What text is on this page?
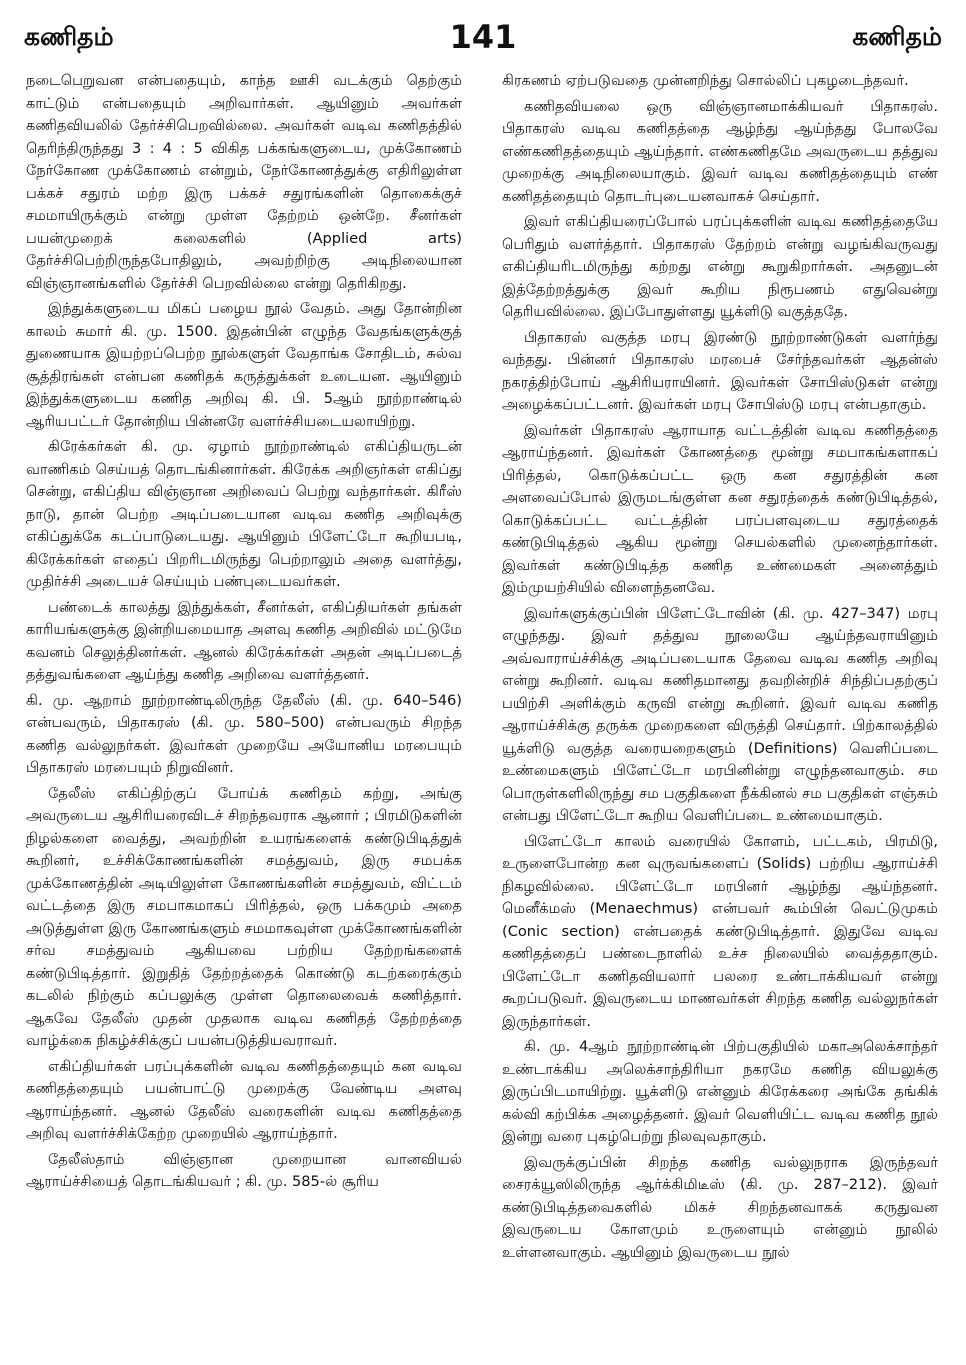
கணிதம்	141	கணிதம்

நடைபெறுவன என்பதையும், காந்த ஊசி வடக்கும் தெற்கும் காட்டும் என்பதையும் அறிவார்கள். ஆயினும் அவர்கள் கணிதவியலில் தேர்ச்சிபெறவில்லை. அவர்கள் வடிவ கணிதத்தில் தெரிந்திருந்தது 3 : 4 : 5 விகித பக்கங்களுடைய, முக்கோணம் நேர்கோண முக்கோணம் என்றும், நேர்கோணத்துக்கு எதிரிலுள்ள பக்கச் சதுரம் மற்ற இரு பக்கச் சதுரங்களின் தொகைக்குச் சமமாயிருக்கும் என்று முள்ள தேற்றம் ஒன்றே. சீனர்கள் பயன்முறைக் கலைகளில் (Applied arts) தேர்ச்சிபெற்றிருந்தபோதிலும், அவற்றிற்கு அடிநிலையான விஞ்ஞானங்களில் தேர்ச்சி பெறவில்லை என்று தெரிகிறது.

இந்துக்களுடைய மிகப் பழைய நூல் வேதம். அது தோன்றின காலம் சுமார் கி. மு. 1500. இதன்பின் எழுந்த வேதங்களுக்குத் துணையாக இயற்றப்பெற்ற நூல்களுள் வேதாங்க சோதிடம், சுல்வ சூத்திரங்கள் என்பன கணிதக் கருத்துக்கள் உடையன. ஆயினும் இந்துக்களுடைய கணித அறிவு கி. பி. 5ஆம் நூற்றாண்டில் ஆரியபட்டர் தோன்றிய பின்னரே வளர்ச்சியடையலாயிற்று.

கிரேக்கர்கள் கி. மு. ஏழாம் நூற்றாண்டில் எகிப்தியருடன் வாணிகம் செய்யத் தொடங்கினார்கள். கிரேக்க அறிஞர்கள் எகிப்து சென்று, எகிப்திய விஞ்ஞான அறிவைப் பெற்று வந்தார்கள். கிரீஸ் நாடு, தான் பெற்ற அடிப்படையான வடிவ கணித அறிவுக்கு எகிப்துக்கே கடப்பாடுடையது. ஆயினும் பிளேட்டோ கூறியபடி, கிரேக்கர்கள் எதைப் பிறரிடமிருந்து பெற்றாலும் அதை வளர்த்து, முதிர்ச்சி அடையச் செய்யும் பண்புடையவர்கள்.

பண்டைக் காலத்து இந்துக்கள், சீனர்கள், எகிப்தியர்கள் தங்கள் காரியங்களுக்கு இன்றியமையாத அளவு கணித அறிவில் மட்டுமே கவனம் செலுத்தினர்கள். ஆனல் கிரேக்கர்கள் அதன் அடிப்படைத் தத்துவங்களை ஆய்ந்து கணித அறிவை வளர்த்தனர்.

கி. மு. ஆறாம் நூற்றாண்டிலிருந்த தேலீஸ் (கி. மு. 640–546) என்பவரும், பிதாகரஸ் (கி. மு. 580–500) என்பவரும் சிறந்த கணித வல்லுநர்கள். இவர்கள் முறையே அயோனிய மரபையும் பிதாகரஸ் மரபையும் நிறுவினர்.

தேலீஸ் எகிப்திற்குப் போய்க் கணிதம் கற்று, அங்கு அவருடைய ஆசிரியரைவிடச் சிறந்தவராக ஆனார் ; பிரமிடுகளின் நிழல்களை வைத்து, அவற்றின் உயரங்களைக் கண்டுபிடித்துக் கூறினர், உச்சிக்கோணங்களின் சமத்துவம், இரு சமபக்க முக்கோணத்தின் அடியிலுள்ள கோணங்களின் சமத்துவம், விட்டம் வட்டத்தை இரு சமபாகமாகப் பிரித்தல், ஒரு பக்கமும் அதை அடுத்துள்ள இரு கோணங்களும் சமமாகவுள்ள முக்கோணங்களின் சர்வ சமத்துவம் ஆகியவை பற்றிய தேற்றங்களைக் கண்டுபிடித்தார். இறுதித் தேற்றத்தைக் கொண்டு கடற்கரைக்கும் கடலில் நிற்கும் கப்பலுக்கு முள்ள தொலைவைக் கணித்தார். ஆகவே தேலீஸ் முதன் முதலாக வடிவ கணிதத் தேற்றத்தை வாழ்க்கை நிகழ்ச்சிக்குப் பயன்படுத்தியவராவர்.

எகிப்தியர்கள் பரப்புக்களின் வடிவ கணிதத்தையும் கன வடிவ கணிதத்தையும் பயன்பாட்டு முறைக்கு வேண்டிய அளவு ஆராய்ந்தனர். ஆனல் தேலீஸ் வரைகளின் வடிவ கணிதத்தை அறிவு வளர்ச்சிக்கேற்ற முறையில் ஆராய்ந்தார்.

தேலீஸ்தாம் விஞ்ஞான முறையான வானவியல் ஆராய்ச்சியைத் தொடங்கியவர் ; கி. மு. 585-ல் சூரிய

கிரகணம் ஏற்படுவதை முன்னறிந்து சொல்லிப் புகழடைந்தவர்.

கணிதவியலை ஒரு விஞ்ஞானமாக்கியவர் பிதாகரஸ். பிதாகரஸ் வடிவ கணிதத்தை ஆழ்ந்து ஆய்ந்தது போலவே எண்கணிதத்தையும் ஆய்ந்தார். எண்கணிதமே அவருடைய தத்துவ முறைக்கு அடிநிலையாகும். இவர் வடிவ கணிதத்தையும் எண் கணிதத்தையும் தொடர்புடையனவாகச் செய்தார்.

இவர் எகிப்தியரைப்போல் பரப்புக்களின் வடிவ கணிதத்தையே பெரிதும் வளர்த்தார். பிதாகரஸ் தேற்றம் என்று வழங்கிவருவது எகிப்தியரிடமிருந்து கற்றது என்று கூறுகிறார்கள். அதனுடன் இத்தேற்றத்துக்கு இவர் கூறிய நிரூபணம் எதுவென்று தெரியவில்லை. இப்போதுள்ளது யூக்ளிடு வகுத்ததே.

பிதாகரஸ் வகுத்த மரபு இரண்டு நூற்றாண்டுகள் வளர்ந்து வந்தது. பின்னர் பிதாகரஸ் மரபைச் சேர்ந்தவர்கள் ஆதன்ஸ் நகரத்திற்போய் ஆசிரியராயினர். இவர்கள் சோபிஸ்டுகள் என்று அழைக்கப்பட்டனர். இவர்கள் மரபு சோபிஸ்டு மரபு என்பதாகும்.

இவர்கள் பிதாகரஸ் ஆராயாத வட்டத்தின் வடிவ கணிதத்தை ஆராய்ந்தனர். இவர்கள் கோணத்தை மூன்று சமபாகங்களாகப் பிரித்தல், கொடுக்கப்பட்ட ஒரு கன சதுரத்தின் கன அளவைப்போல் இருமடங்குள்ள கன சதுரத்தைக் கண்டுபிடித்தல், கொடுக்கப்பட்ட வட்டத்தின் பரப்பளவுடைய சதுரத்தைக் கண்டுபிடித்தல் ஆகிய மூன்று செயல்களில் முனைந்தார்கள். இவர்கள் கண்டுபிடித்த கணித உண்மைகள் அனைத்தும் இம்முயற்சியில் விளைந்தனவே.

இவர்களுக்குப்பின் பிளேட்டோவின் (கி. மு. 427–347) மரபு எழுந்தது. இவர் தத்துவ நூலையே ஆய்ந்தவராயினும் அவ்வாராய்ச்சிக்கு அடிப்படையாக தேவை வடிவ கணித அறிவு என்று கூறினர். வடிவ கணிதமானது தவறின்றிச் சிந்திப்பதற்குப் பயிற்சி அளிக்கும் கருவி என்று கூறினர். இவர் வடிவ கணித ஆராய்ச்சிக்கு தருக்க முறைகளை விருத்தி செய்தார். பிற்காலத்தில் யூக்ளிடு வகுத்த வரையறைகளும் (Definitions) வெளிப்படை உண்மைகளும் பிளேட்டோ மரபினின்று எழுந்தனவாகும். சம பொருள்களிலிருந்து சம பகுதிகளை நீக்கினல் சம பகுதிகள் எஞ்சும் என்பது பிளேட்டோ கூறிய வெளிப்படை உண்மையாகும்.

பிளேட்டோ காலம் வரையில் கோளம், பட்டகம், பிரமிடு, உருளைபோன்ற கன வுருவங்களைப் (Solids) பற்றிய ஆராய்ச்சி நிகழவில்லை. பிளேட்டோ மரபினர் ஆழ்ந்து ஆய்ந்தனர். மெனீக்மஸ் (Menaechmus) என்பவர் கூம்பின் வெட்டுமுகம் (Conic section) என்பதைக் கண்டுபிடித்தார். இதுவே வடிவ கணிதத்தைப் பண்டைநாளில் உச்ச நிலையில் வைத்ததாகும். பிளேட்டோ கணிதவியலார் பலரை உண்டாக்கியவர் என்று கூறப்படுவர். இவருடைய மாணவர்கள் சிறந்த கணித வல்லுநர்கள் இருந்தார்கள்.

கி. மு. 4ஆம் நூற்றாண்டின் பிற்பகுதியில் மகாஅலெக்சாந்தர் உண்டாக்கிய அலெக்சாந்திரியா நகரமே கணித வியலுக்கு இருப்பிடமாயிற்று. யூக்ளிடு என்னும் கிரேக்கரை அங்கே தங்கிக் கல்வி கற்பிக்க அழைத்தனர். இவர் வெளியிட்ட வடிவ கணித நூல் இன்று வரை புகழ்பெற்று நிலவுவதாகும்.

இவருக்குப்பின் சிறந்த கணித வல்லுநராக இருந்தவர் சைரக்யூஸிலிருந்த ஆர்க்கிமிடீஸ் (கி. மு. 287–212). இவர் கண்டுபிடித்தவைகளில் மிகச் சிறந்தனவாகக் கருதுவன இவருடைய கோளமும் உருளையும் என்னும் நூலில் உள்ளனவாகும். ஆயினும் இவருடைய நூல்
